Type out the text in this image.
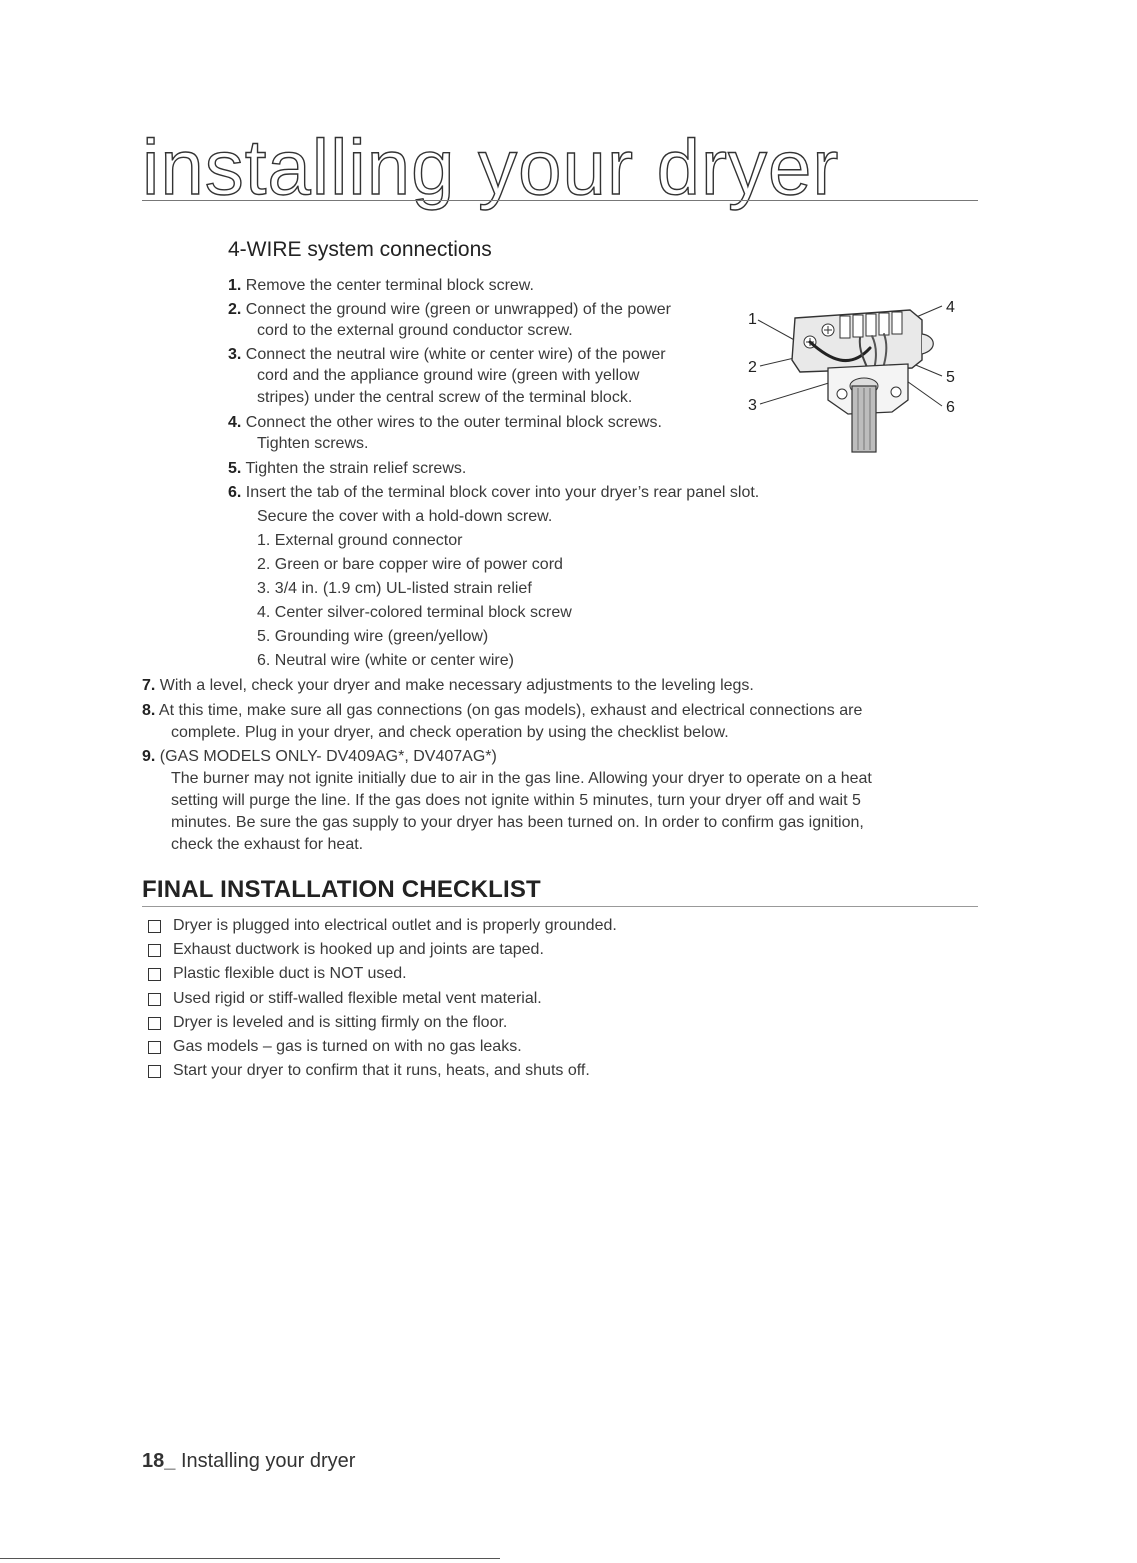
installing your dryer
4-WIRE system connections
1. Remove the center terminal block screw.
2. Connect the ground wire (green or unwrapped) of the power
cord to the external ground conductor screw.
3. Connect the neutral wire (white or center wire) of the power
cord and the appliance ground wire (green with yellow
stripes) under the central screw of the terminal block.
4. Connect the other wires to the outer terminal block screws.
Tighten screws.
5. Tighten the strain relief screws.
6. Insert the tab of the terminal block cover into your dryer’s rear panel slot.
Secure the cover with a hold-down screw.
1. External ground connector
2. Green or bare copper wire of power cord
3. 3/4 in. (1.9 cm) UL-listed strain relief
4. Center silver-colored terminal block screw
5. Grounding wire (green/yellow)
6. Neutral wire (white or center wire)
7. With a level, check your dryer and make necessary adjustments to the leveling legs.
8. At this time, make sure all gas connections (on gas models), exhaust and electrical connections are
complete. Plug in your dryer, and check operation by using the checklist below.
9. (GAS MODELS ONLY- DV409AG*, DV407AG*)
The burner may not ignite initially due to air in the gas line. Allowing your dryer to operate on a heat
setting will purge the line. If the gas does not ignite within 5 minutes, turn your dryer off and wait 5
minutes. Be sure the gas supply to your dryer has been turned on. In order to confirm gas ignition,
check the exhaust for heat.
1
2
3
4
5
6
FINAL INSTALLATION CHECKLIST
Dryer is plugged into electrical outlet and is properly grounded.
Exhaust ductwork is hooked up and joints are taped.
Plastic flexible duct is NOT used.
Used rigid or stiff-walled flexible metal vent material.
Dryer is leveled and is sitting firmly on the floor.
Gas models – gas is turned on with no gas leaks.
Start your dryer to confirm that it runs, heats, and shuts off.
18_ Installing your dryer
